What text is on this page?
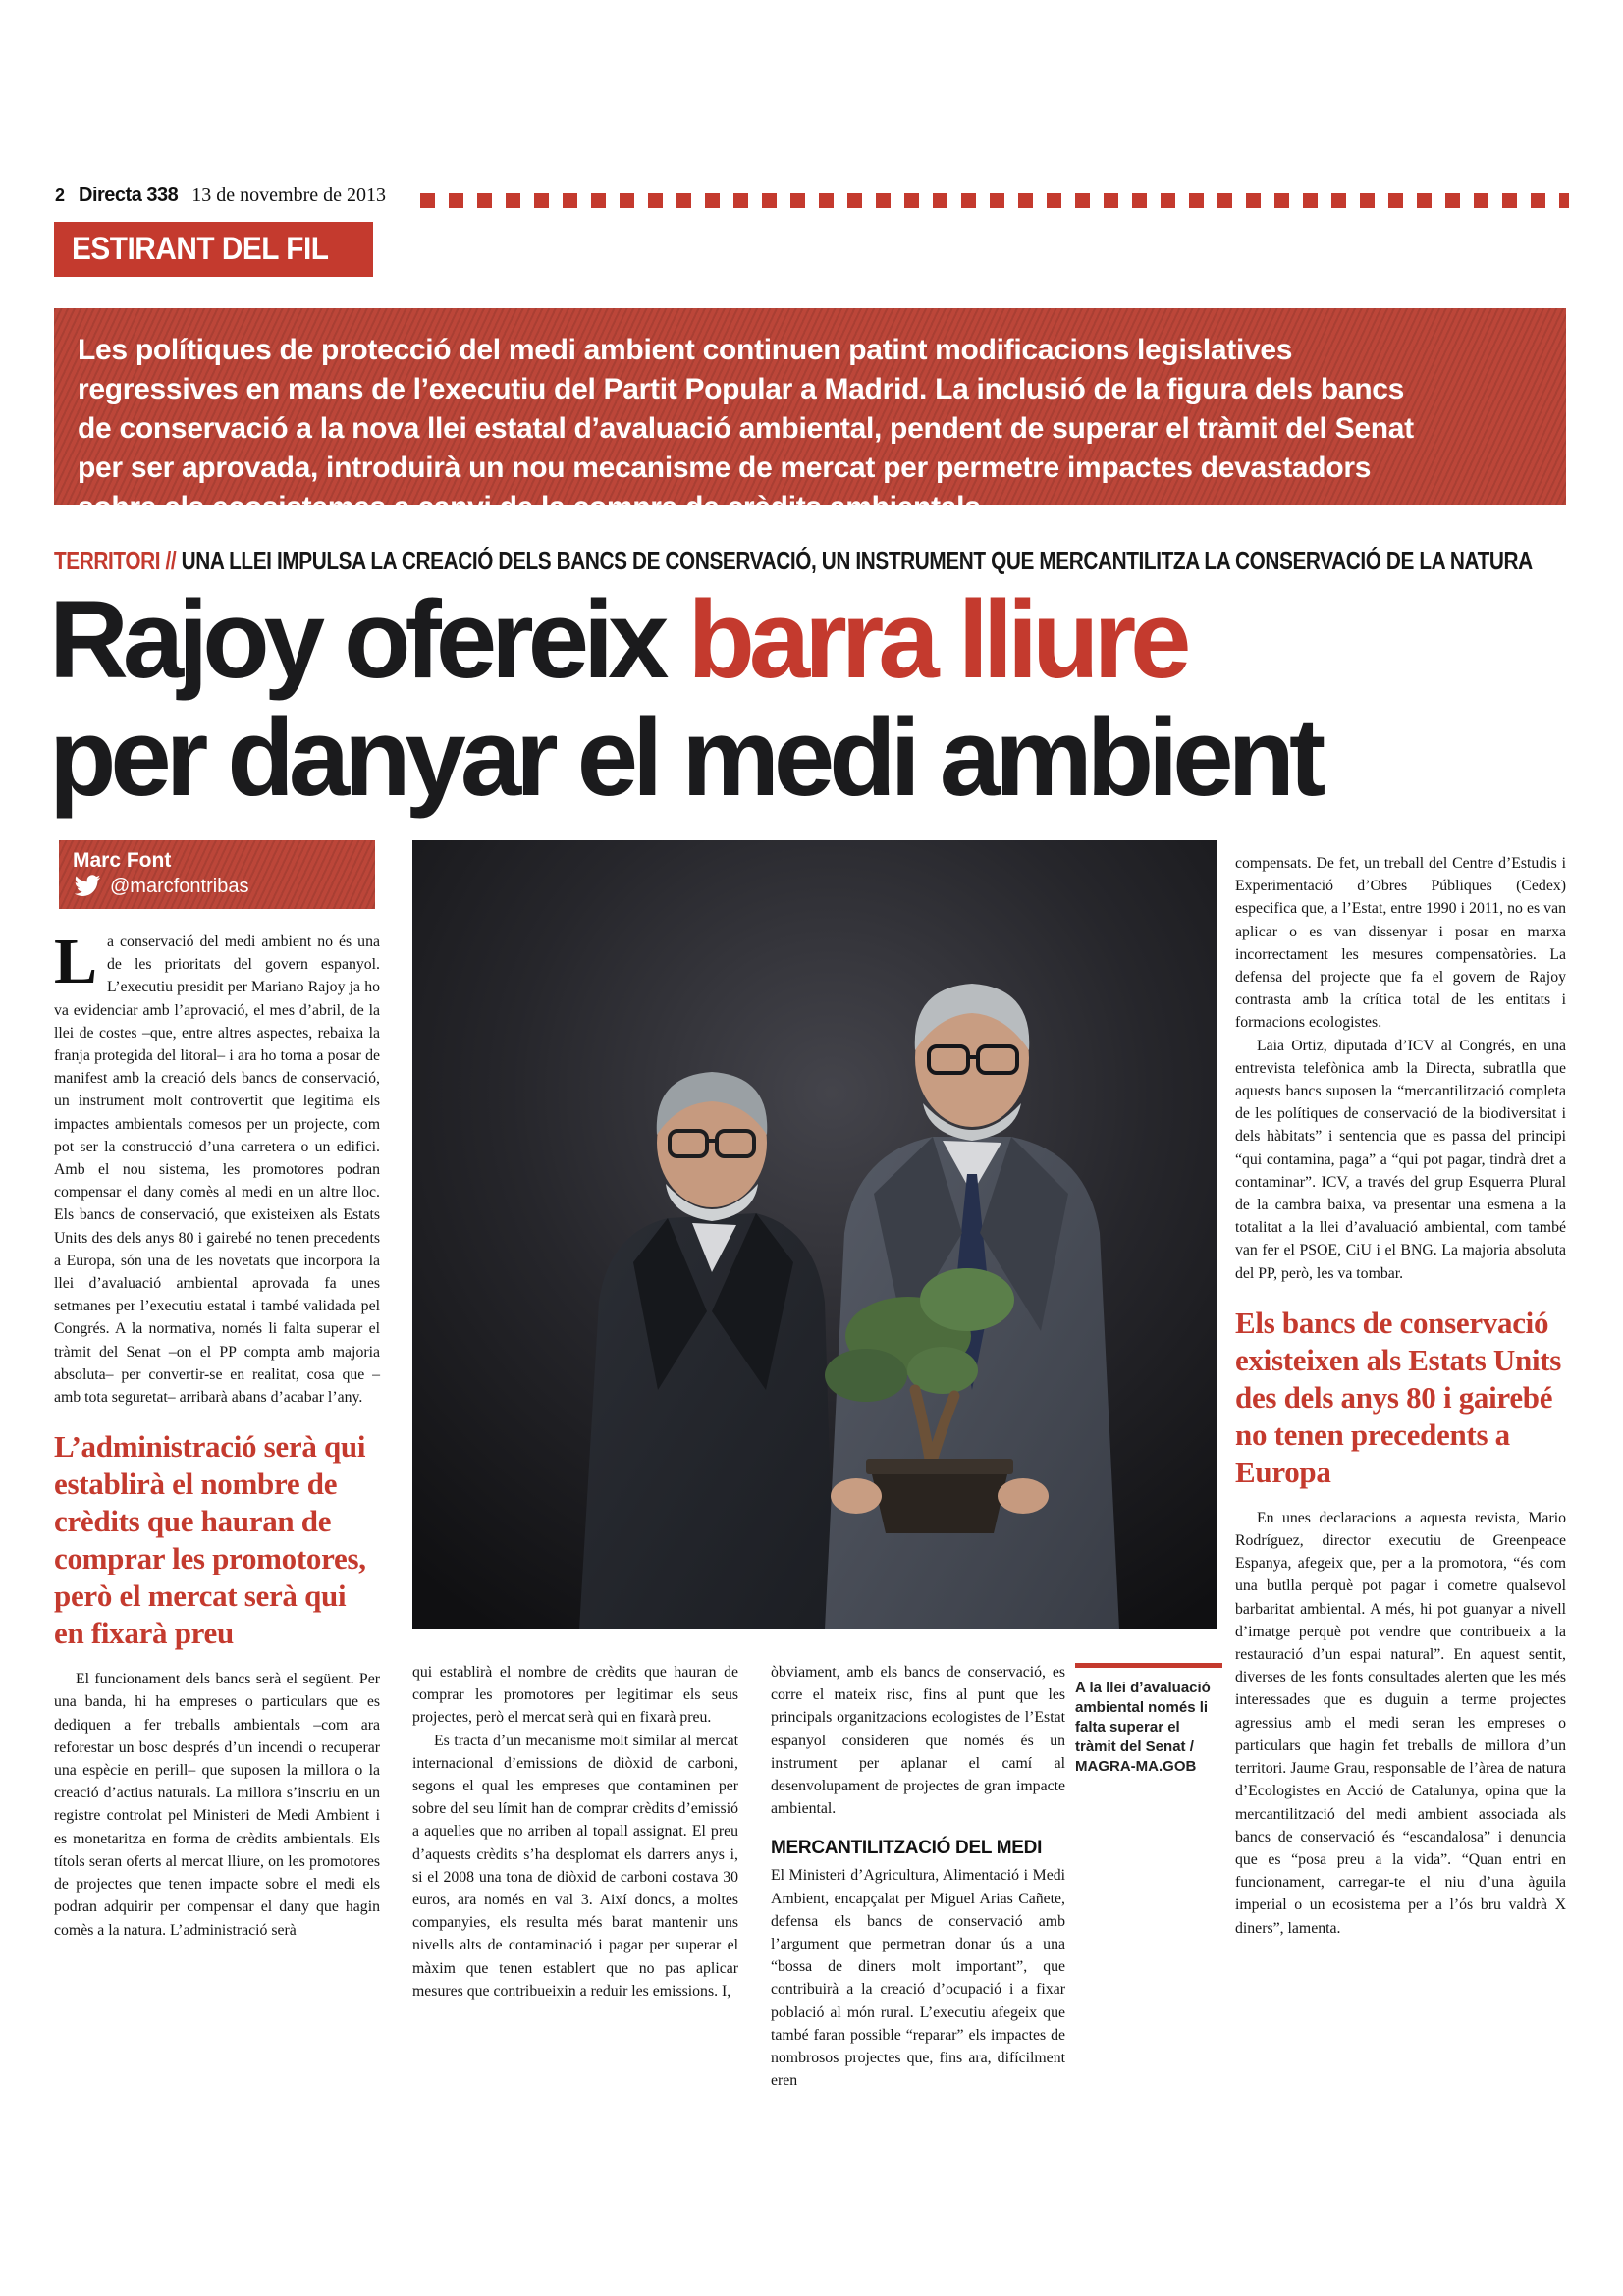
2 Directa 338 13 de novembre de 2013
ESTIRANT DEL FIL
Les polítiques de protecció del medi ambient continuen patint modificacions legislatives regressives en mans de l’executiu del Partit Popular a Madrid. La inclusió de la figura dels bancs de conservació a la nova llei estatal d’avaluació ambiental, pendent de superar el tràmit del Senat per ser aprovada, introduirà un nou mecanisme de mercat per permetre impactes devastadors sobre els ecosistemes a canvi de la compra de crèdits ambientals.
TERRITORI // UNA LLEI IMPULSA LA CREACIÓ DELS BANCS DE CONSERVACIÓ, UN INSTRUMENT QUE MERCANTILITZA LA CONSERVACIÓ DE LA NATURA
Rajoy ofereix barra lliure
per danyar el medi ambient
Marc Font
@marcfontribas
A la llei d’avaluació ambiental només li falta superar el tràmit del Senat / MAGRA-MA.GOB

La conservació del medi ambient no és una de les prioritats del govern espanyol. L’executiu presidit per Mariano Rajoy ja ho va evidenciar amb l’aprovació, el mes d’abril, de la llei de costes –que, entre altres aspectes, rebaixa la franja protegida del litoral– i ara ho torna a posar de manifest amb la creació dels bancs de conservació, un instrument molt controvertit que legitima els impactes ambientals comesos per un projecte, com pot ser la construcció d’una carretera o un edifici. Amb el nou sistema, les promotores podran compensar el dany comès al medi en un altre lloc. Els bancs de conservació, que existeixen als Estats Units des dels anys 80 i gairebé no tenen precedents a Europa, són una de les novetats que incorpora la llei d’avaluació ambiental aprovada fa unes setmanes per l’executiu estatal i també validada pel Congrés. A la normativa, només li falta superar el tràmit del Senat –on el PP compta amb majoria absoluta– per convertir-se en realitat, cosa que –amb tota seguretat– arribarà abans d’acabar l’any.

L’administració serà qui establirà el nombre de crèdits que hauran de comprar les promotores, però el mercat serà qui en fixarà preu

El funcionament dels bancs serà el següent. Per una banda, hi ha empreses o particulars que es dediquen a fer treballs ambientals –com ara reforestar un bosc després d’un incendi o recuperar una espècie en perill– que suposen la millora o la creació d’actius naturals. La millora s’inscriu en un registre controlat pel Ministeri de Medi Ambient i es monetaritza en forma de crèdits ambientals. Els títols seran oferts al mercat lliure, on les promotores de projectes que tenen impacte sobre el medi els podran adquirir per compensar el dany que hagin comès a la natura. L’administració serà

qui establirà el nombre de crèdits que hauran de comprar les promotores per legitimar els seus projectes, però el mercat serà qui en fixarà preu.

Es tracta d’un mecanisme molt similar al mercat internacional d’emissions de diòxid de carboni, segons el qual les empreses que contaminen per sobre del seu límit han de comprar crèdits d’emissió a aquelles que no arriben al topall assignat. El preu d’aquests crèdits s’ha desplomat els darrers anys i, si el 2008 una tona de diòxid de carboni costava 30 euros, ara només en val 3. Així doncs, a moltes companyies, els resulta més barat mantenir uns nivells alts de contaminació i pagar per superar el màxim que tenen establert que no pas aplicar mesures que contribueixin a reduir les emissions. I,

òbviament, amb els bancs de conservació, es corre el mateix risc, fins al punt que les principals organitzacions ecologistes de l’Estat espanyol consideren que només és un instrument per aplanar el camí al desenvolupament de projectes de gran impacte ambiental.

MERCANTILITZACIÓ DEL MEDI

El Ministeri d’Agricultura, Alimentació i Medi Ambient, encapçalat per Miguel Arias Cañete, defensa els bancs de conservació amb l’argument que permetran donar ús a una “bossa de diners molt important”, que contribuirà a la creació d’ocupació i a fixar població al món rural. L’executiu afegeix que també faran possible “reparar” els impactes de nombrosos projectes que, fins ara, difícilment eren

compensats. De fet, un treball del Centre d’Estudis i Experimentació d’Obres Públiques (Cedex) especifica que, a l’Estat, entre 1990 i 2011, no es van aplicar o es van dissenyar i posar en marxa incorrectament les mesures compensatòries. La defensa del projecte que fa el govern de Rajoy contrasta amb la crítica total de les entitats i formacions ecologistes.

Laia Ortiz, diputada d’ICV al Congrés, en una entrevista telefònica amb la Directa, subratlla que aquests bancs suposen la “mercantilització completa de les polítiques de conservació de la biodiversitat i dels hàbitats” i sentencia que es passa del principi “qui contamina, paga” a “qui pot pagar, tindrà dret a contaminar”. ICV, a través del grup Esquerra Plural de la cambra baixa, va presentar una esmena a la totalitat a la llei d’avaluació ambiental, com també van fer el PSOE, CiU i el BNG. La majoria absoluta del PP, però, les va tombar.

Els bancs de conservació existeixen als Estats Units des dels anys 80 i gairebé no tenen precedents a Europa

En unes declaracions a aquesta revista, Mario Rodríguez, director executiu de Greenpeace Espanya, afegeix que, per a la promotora, “és com una butlla perquè pot pagar i cometre qualsevol barbaritat ambiental. A més, hi pot guanyar a nivell d’imatge perquè pot vendre que contribueix a la restauració d’un espai natural”. En aquest sentit, diverses de les fonts consultades alerten que les més interessades que es duguin a terme projectes agressius amb el medi seran les empreses o particulars que hagin fet treballs de millora d’un territori. Jaume Grau, responsable de l’àrea de natura d’Ecologistes en Acció de Catalunya, opina que la mercantilització del medi ambient associada als bancs de conservació és “escandalosa” i denuncia que es “posa preu a la vida”. “Quan entri en funcionament, carregar-te el niu d’una àguila imperial o un ecosistema per a l’ós bru valdrà X diners”, lamenta.
